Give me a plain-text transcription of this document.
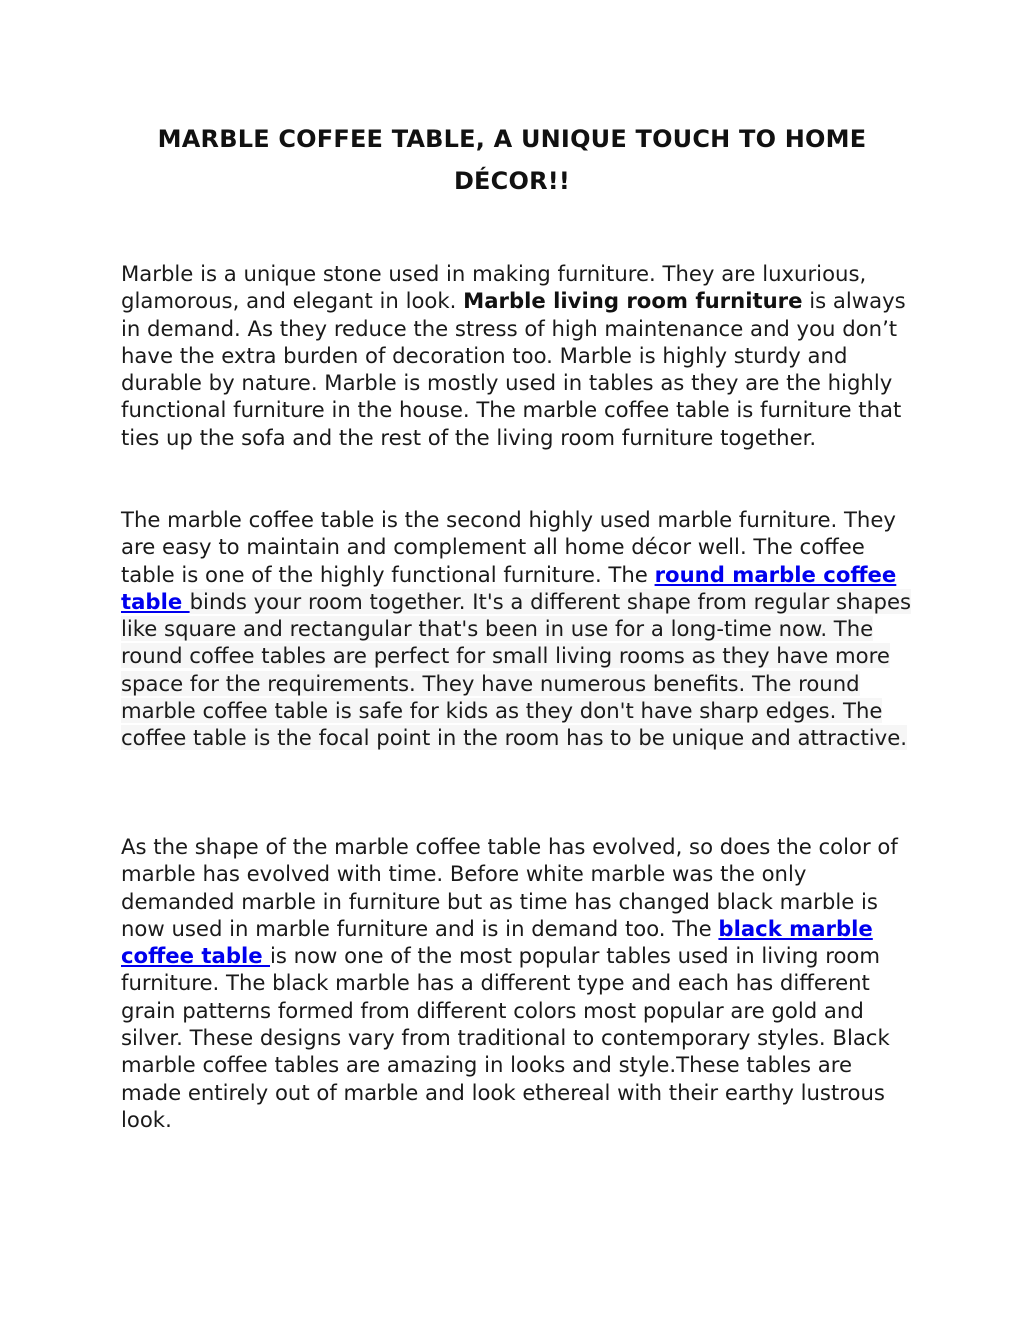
MARBLE COFFEE TABLE, A UNIQUE TOUCH TO HOME
DÉCOR!!

Marble is a unique stone used in making furniture. They are luxurious, glamorous, and elegant in look. Marble living room furniture is always in demand. As they reduce the stress of high maintenance and you don’t have the extra burden of decoration too. Marble is highly sturdy and durable by nature. Marble is mostly used in tables as they are the highly functional furniture in the house. The marble coffee table is furniture that ties up the sofa and the rest of the living room furniture together.

The marble coffee table is the second highly used marble furniture. They are easy to maintain and complement all home décor well. The coffee table is one of the highly functional furniture. The round marble coffee table binds your room together. It's a different shape from regular shapes like square and rectangular that's been in use for a long-time now. The round coffee tables are perfect for small living rooms as they have more space for the requirements. They have numerous benefits. The round marble coffee table is safe for kids as they don't have sharp edges. The coffee table is the focal point in the room has to be unique and attractive.

As the shape of the marble coffee table has evolved, so does the color of marble has evolved with time. Before white marble was the only demanded marble in furniture but as time has changed black marble is now used in marble furniture and is in demand too. The black marble coffee table is now one of the most popular tables used in living room furniture. The black marble has a different type and each has different grain patterns formed from different colors most popular are gold and silver. These designs vary from traditional to contemporary styles. Black marble coffee tables are amazing in looks and style.These tables are made entirely out of marble and look ethereal with their earthy lustrous look.
